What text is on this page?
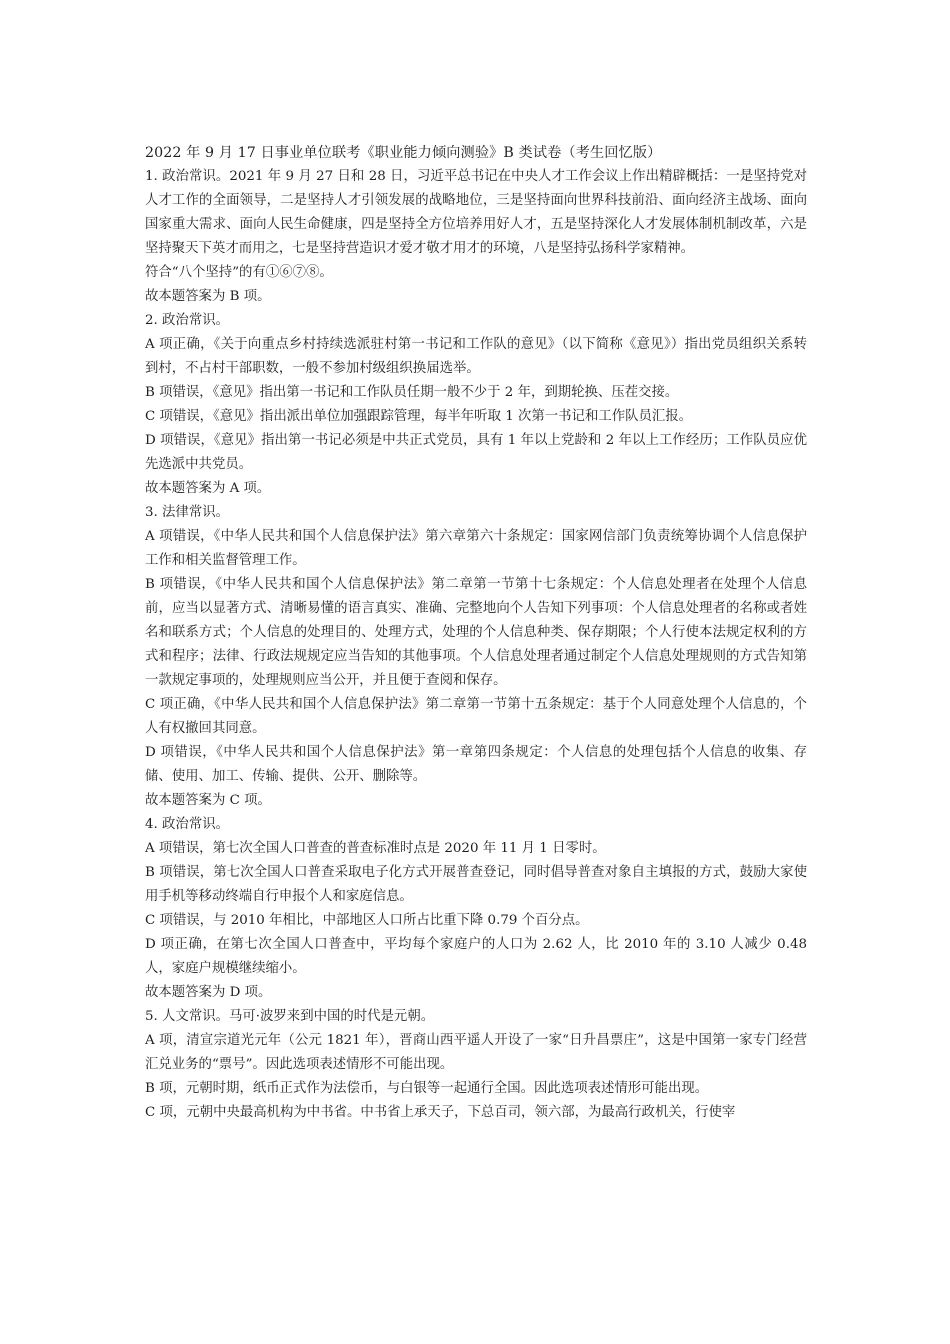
2022 年 9 月 17 日事业单位联考《职业能力倾向测验》B 类试卷（考生回忆版）

1. 政治常识。2021 年 9 月 27 日和 28 日，习近平总书记在中央人才工作会议上作出精辟概括：一是坚持党对人才工作的全面领导，二是坚持人才引领发展的战略地位，三是坚持面向世界科技前沿、面向经济主战场、面向国家重大需求、面向人民生命健康，四是坚持全方位培养用好人才，五是坚持深化人才发展体制机制改革，六是坚持聚天下英才而用之，七是坚持营造识才爱才敬才用才的环境，八是坚持弘扬科学家精神。

符合“八个坚持”的有①⑥⑦⑧。

故本题答案为 B 项。

2. 政治常识。

A 项正确，《关于向重点乡村持续选派驻村第一书记和工作队的意见》（以下简称《意见》）指出党员组织关系转到村，不占村干部职数，一般不参加村级组织换届选举。

B 项错误，《意见》指出第一书记和工作队员任期一般不少于 2 年，到期轮换、压茬交接。

C 项错误，《意见》指出派出单位加强跟踪管理，每半年听取 1 次第一书记和工作队员汇报。

D 项错误，《意见》指出第一书记必须是中共正式党员，具有 1 年以上党龄和 2 年以上工作经历；工作队员应优先选派中共党员。

故本题答案为 A 项。

3. 法律常识。

A 项错误，《中华人民共和国个人信息保护法》第六章第六十条规定：国家网信部门负责统筹协调个人信息保护工作和相关监督管理工作。

B 项错误，《中华人民共和国个人信息保护法》第二章第一节第十七条规定：个人信息处理者在处理个人信息前，应当以显著方式、清晰易懂的语言真实、准确、完整地向个人告知下列事项：个人信息处理者的名称或者姓名和联系方式；个人信息的处理目的、处理方式，处理的个人信息种类、保存期限；个人行使本法规定权利的方式和程序；法律、行政法规规定应当告知的其他事项。个人信息处理者通过制定个人信息处理规则的方式告知第一款规定事项的，处理规则应当公开，并且便于查阅和保存。

C 项正确，《中华人民共和国个人信息保护法》第二章第一节第十五条规定：基于个人同意处理个人信息的，个人有权撤回其同意。

D 项错误，《中华人民共和国个人信息保护法》第一章第四条规定：个人信息的处理包括个人信息的收集、存储、使用、加工、传输、提供、公开、删除等。

故本题答案为 C 项。

4. 政治常识。

A 项错误，第七次全国人口普查的普查标准时点是 2020 年 11 月 1 日零时。

B 项错误，第七次全国人口普查采取电子化方式开展普查登记，同时倡导普查对象自主填报的方式，鼓励大家使用手机等移动终端自行申报个人和家庭信息。

C 项错误，与 2010 年相比，中部地区人口所占比重下降 0.79 个百分点。

D 项正确，在第七次全国人口普查中，平均每个家庭户的人口为 2.62 人，比 2010 年的 3.10 人减少 0.48 人，家庭户规模继续缩小。

故本题答案为 D 项。

5. 人文常识。马可·波罗来到中国的时代是元朝。

A 项，清宣宗道光元年（公元 1821 年），晋商山西平遥人开设了一家“日升昌票庄”，这是中国第一家专门经营汇兑业务的“票号”。因此选项表述情形不可能出现。

B 项，元朝时期，纸币正式作为法偿币，与白银等一起通行全国。因此选项表述情形可能出现。

C 项，元朝中央最高机构为中书省。中书省上承天子，下总百司，领六部，为最高行政机关，行使宰
